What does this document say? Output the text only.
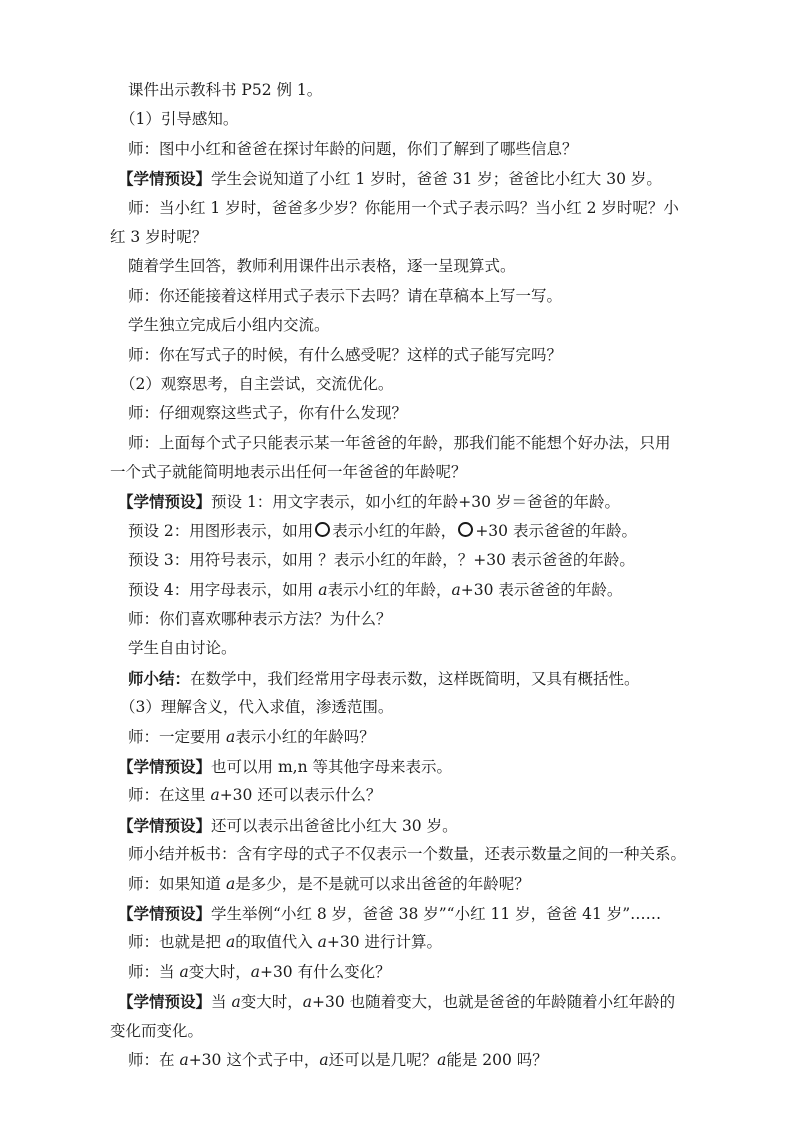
课件出示教科书 P52 例 1。
（1）引导感知。
师：图中小红和爸爸在探讨年龄的问题，你们了解到了哪些信息？
【学情预设】学生会说知道了小红 1 岁时，爸爸 31 岁；爸爸比小红大 30 岁。
师：当小红 1 岁时，爸爸多少岁？你能用一个式子表示吗？当小红 2 岁时呢？小
红 3 岁时呢？
随着学生回答，教师利用课件出示表格，逐一呈现算式。
师：你还能接着这样用式子表示下去吗？请在草稿本上写一写。
学生独立完成后小组内交流。
师：你在写式子的时候，有什么感受呢？这样的式子能写完吗？
（2）观察思考，自主尝试，交流优化。
师：仔细观察这些式子，你有什么发现？
师：上面每个式子只能表示某一年爸爸的年龄，那我们能不能想个好办法，只用
一个式子就能简明地表示出任何一年爸爸的年龄呢？
【学情预设】预设 1：用文字表示，如小红的年龄+30 岁＝爸爸的年龄。
预设 2：用图形表示，如用 表示小红的年龄， +30 表示爸爸的年龄。
预设 3：用符号表示，如用 ？表示小红的年龄，？+30 表示爸爸的年龄。
预设 4：用字母表示，如用 a表示小红的年龄，a+30 表示爸爸的年龄。
师：你们喜欢哪种表示方法？为什么？
学生自由讨论。
师小结：在数学中，我们经常用字母表示数，这样既简明，又具有概括性。
（3）理解含义，代入求值，渗透范围。
师：一定要用 a表示小红的年龄吗？
【学情预设】也可以用 m,n 等其他字母来表示。
师：在这里 a+30 还可以表示什么？
【学情预设】还可以表示出爸爸比小红大 30 岁。
师小结并板书：含有字母的式子不仅表示一个数量，还表示数量之间的一种关系。
师：如果知道 a是多少，是不是就可以求出爸爸的年龄呢？
【学情预设】学生举例“小红 8 岁，爸爸 38 岁”“小红 11 岁，爸爸 41 岁”……
师：也就是把 a的取值代入 a+30 进行计算。
师：当 a变大时，a+30 有什么变化？
【学情预设】当 a变大时，a+30 也随着变大，也就是爸爸的年龄随着小红年龄的
变化而变化。
师：在 a+30 这个式子中，a还可以是几呢？a能是 200 吗？
